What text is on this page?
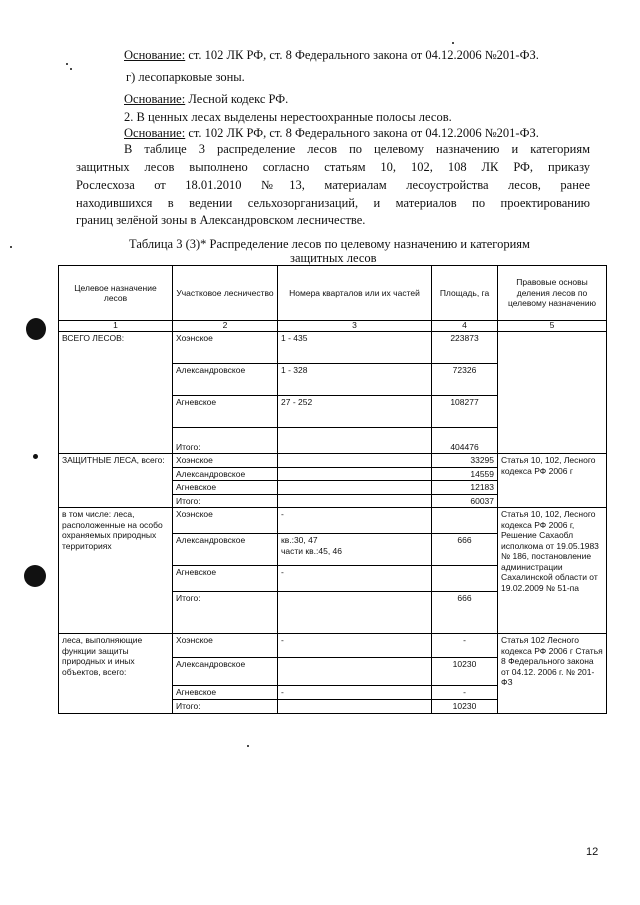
Основание: ст. 102 ЛК РФ, ст. 8 Федерального закона от 04.12.2006 №201-ФЗ.
г) лесопарковые зоны.
Основание: Лесной кодекс РФ.
2. В ценных лесах выделены нерестоохранные полосы лесов.
Основание: ст. 102 ЛК РФ, ст. 8 Федерального закона от 04.12.2006 №201-ФЗ.
В таблице 3 распределение лесов по целевому назначению и категориям
защитных лесов выполнено согласно статьям 10, 102, 108 ЛК РФ, приказу
Рослесхоза от 18.01.2010 №13, материалам лесоустройства лесов, ранее
находившихся в ведении сельхозорганизаций, и материалов по проектированию
границ зелёной зоны в Александровском лесничестве.
Таблица 3 (3)* Распределение лесов по целевому назначению и категориям
защитных лесов
Целевое назначение лесов	Участковое лесничество	Номера кварталов или их частей	Площадь, га	Правовые основы деления лесов по целевому назначению
1	2	3	4	5
ВСЕГО ЛЕСОВ:	Хоэнское	1 - 435	223873	
	Александровское	1 - 328	72326	
	Агневское	27 - 252	108277	
	Итого:		404476	
ЗАЩИТНЫЕ ЛЕСА, всего:	Хоэнское		33295	Статья 10, 102, Лесного кодекса РФ 2006 г
	Александровское		14559	
	Агневское		12183	
	Итого:		60037	
в том числе: леса, расположенные на особо охраняемых природных территориях	Хоэнское	-		Статья 10, 102, Лесного кодекса РФ 2006 г, Решение Сахаобл исполкома от 19.05.1983 № 186, постановление администрации Сахалинской области от 19.02.2009 № 51-па
	Александровское	кв.:30, 47
части кв.:45, 46	666	
	Агневское	-		
	Итого:		666	
леса, выполняющие функции защиты природных и иных объектов, всего:	Хоэнское	-	-	Статья 102 Лесного кодекса РФ 2006 г Статья 8 Федерального закона от 04.12. 2006 г. № 201-ФЗ
	Александровское		10230	
	Агневское	-	-	
	Итого:		10230	
12
